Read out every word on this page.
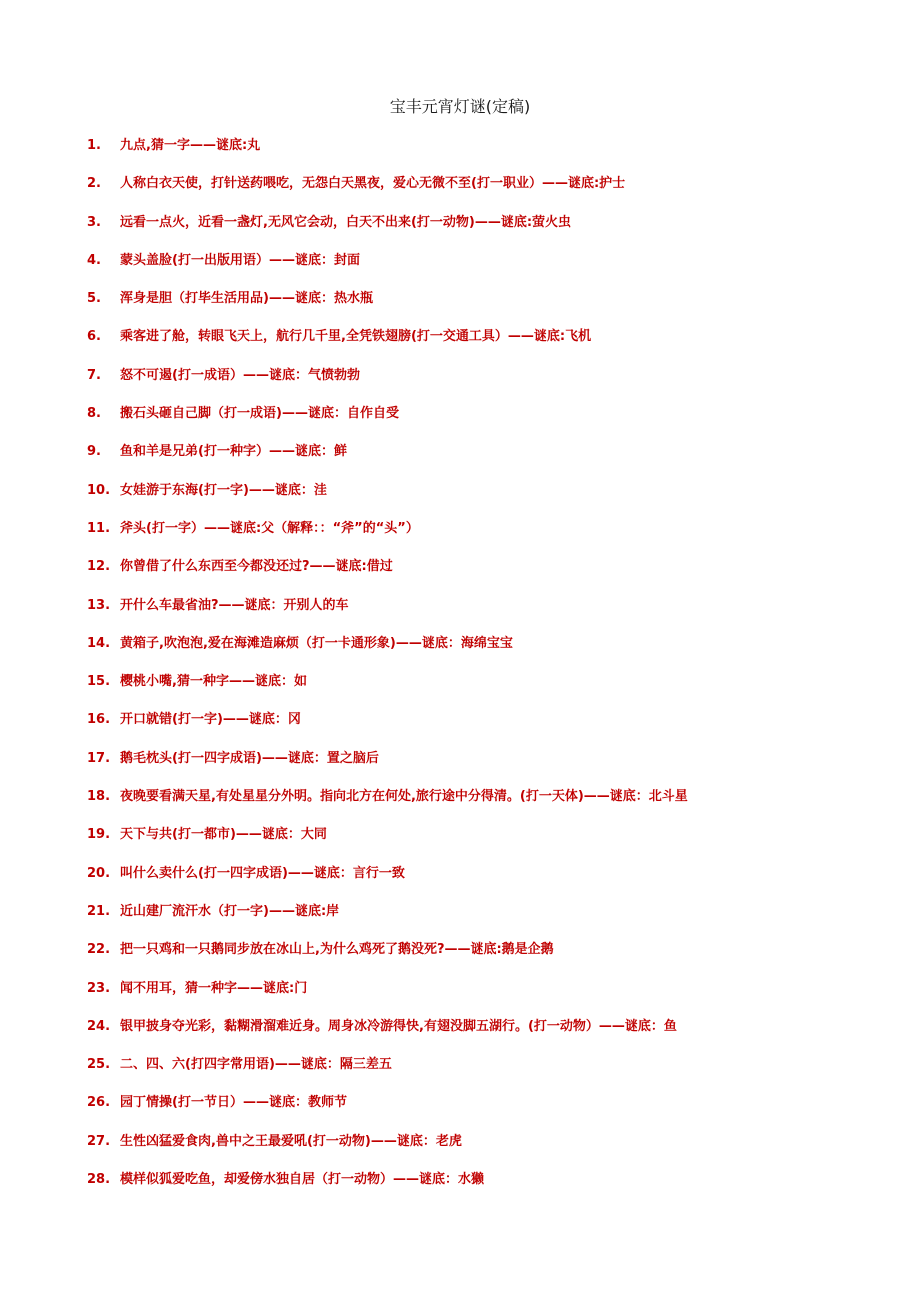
宝丰元宵灯谜(定稿)
1.	九点,猜一字——谜底:丸
2.	人称白衣天使，打针送药喂吃，无怨白天黑夜，爱心无微不至(打一职业）——谜底:护士
3.	远看一点火，近看一盏灯,无风它会动，白天不出来(打一动物)——谜底:萤火虫
4.	蒙头盖脸(打一出版用语）——谜底：封面
5.	浑身是胆（打毕生活用品)——谜底：热水瓶
6.	乘客进了舱，转眼飞天上，航行几千里,全凭铁翅膀(打一交通工具）——谜底:飞机
7.	怒不可遏(打一成语）——谜底：气愤勃勃
8.	搬石头砸自己脚（打一成语)——谜底：自作自受
9.	鱼和羊是兄弟(打一种字）——谜底：鲜
10. 女娃游于东海(打一字)——谜底：洼
11. 斧头(打一字）——谜底:父（解释：：“斧”的“头”）
12. 你曾借了什么东西至今都没还过?——谜底:借过
13. 开什么车最省油?——谜底：开别人的车
14. 黄箱子,吹泡泡,爱在海滩造麻烦（打一卡通形象)——谜底：海绵宝宝
15. 樱桃小嘴,猜一种字——谜底：如
16. 开口就错(打一字)——谜底：冈
17. 鹅毛枕头(打一四字成语)——谜底：置之脑后
18. 夜晚要看满天星,有处星星分外明。指向北方在何处,旅行途中分得清。(打一天体)——谜底：北斗星
19. 天下与共(打一都市)——谜底：大同
20. 叫什么卖什么(打一四字成语)——谜底：言行一致
21. 近山建厂流汗水（打一字)——谜底:岸
22. 把一只鸡和一只鹅同步放在冰山上,为什么鸡死了鹅没死?——谜底:鹅是企鹅
23. 闻不用耳，猜一种字——谜底:门
24. 银甲披身夺光彩，黏糊滑溜难近身。周身冰冷游得快,有翅没脚五湖行。(打一动物）——谜底：鱼
25. 二、四、六(打四字常用语)——谜底：隔三差五
26. 园丁情操(打一节日）——谜底：教师节
27. 生性凶猛爱食肉,兽中之王最爱吼(打一动物)——谜底：老虎
28. 模样似狐爱吃鱼，却爱傍水独自居（打一动物）——谜底：水獭
